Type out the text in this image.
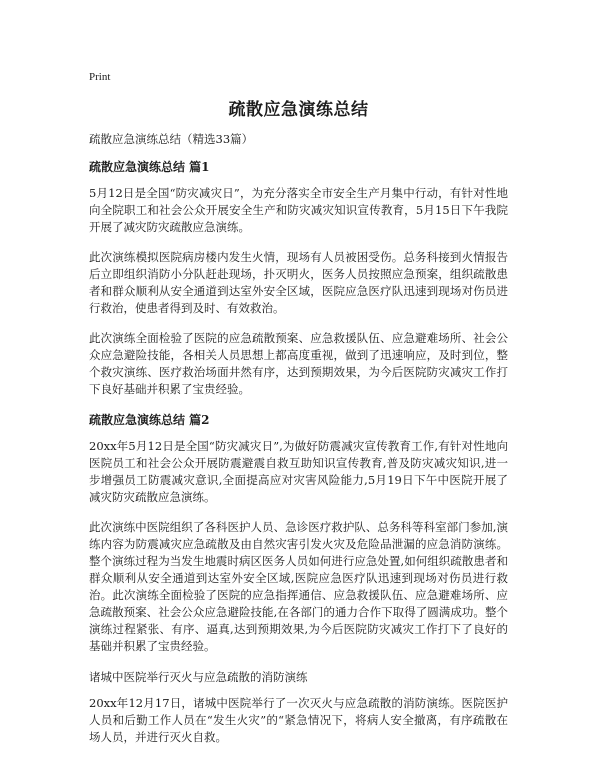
Print
疏散应急演练总结

疏散应急演练总结（精选33篇）

疏散应急演练总结 篇1

5月12日是全国“防灾减灾日”，为充分落实全市安全生产月集中行动，有针对性地向全院职工和社会公众开展安全生产和防灾减灾知识宣传教育，5月15日下午我院开展了减灾防灾疏散应急演练。

此次演练模拟医院病房楼内发生火情，现场有人员被困受伤。总务科接到火情报告后立即组织消防小分队赶赴现场，扑灭明火，医务人员按照应急预案，组织疏散患者和群众顺利从安全通道到达室外安全区域，医院应急医疗队迅速到现场对伤员进行救治，使患者得到及时、有效救治。

此次演练全面检验了医院的应急疏散预案、应急救援队伍、应急避难场所、社会公众应急避险技能，各相关人员思想上都高度重视，做到了迅速响应，及时到位，整个救灾演练、医疗救治场面井然有序，达到预期效果，为今后医院防灾减灾工作打下良好基础并积累了宝贵经验。

疏散应急演练总结 篇2

20xx年5月12日是全国“防灾减灾日”,为做好防震减灾宣传教育工作,有针对性地向医院员工和社会公众开展防震避震自救互助知识宣传教育,普及防灾减灾知识,进一步增强员工防震减灾意识,全面提高应对灾害风险能力,5月19日下午中医院开展了减灾防灾疏散应急演练。

此次演练中医院组织了各科医护人员、急诊医疗救护队、总务科等科室部门参加,演练内容为防震减灾应急疏散及由自然灾害引发火灾及危险品泄漏的应急消防演练。整个演练过程为当发生地震时病区医务人员如何进行应急处置,如何组织疏散患者和群众顺利从安全通道到达室外安全区域,医院应急医疗队迅速到现场对伤员进行救治。此次演练全面检验了医院的应急指挥通信、应急救援队伍、应急避难场所、应急疏散预案、社会公众应急避险技能,在各部门的通力合作下取得了圆满成功。整个演练过程紧张、有序、逼真,达到预期效果,为今后医院防灾减灾工作打下了良好的基础并积累了宝贵经验。

诸城中医院举行灭火与应急疏散的消防演练

20xx年12月17日，诸城中医院举行了一次灭火与应急疏散的消防演练。医院医护人员和后勤工作人员在“发生火灾”的“紧急情况下，将病人安全撤离，有序疏散在场人员，并进行灭火自救。
